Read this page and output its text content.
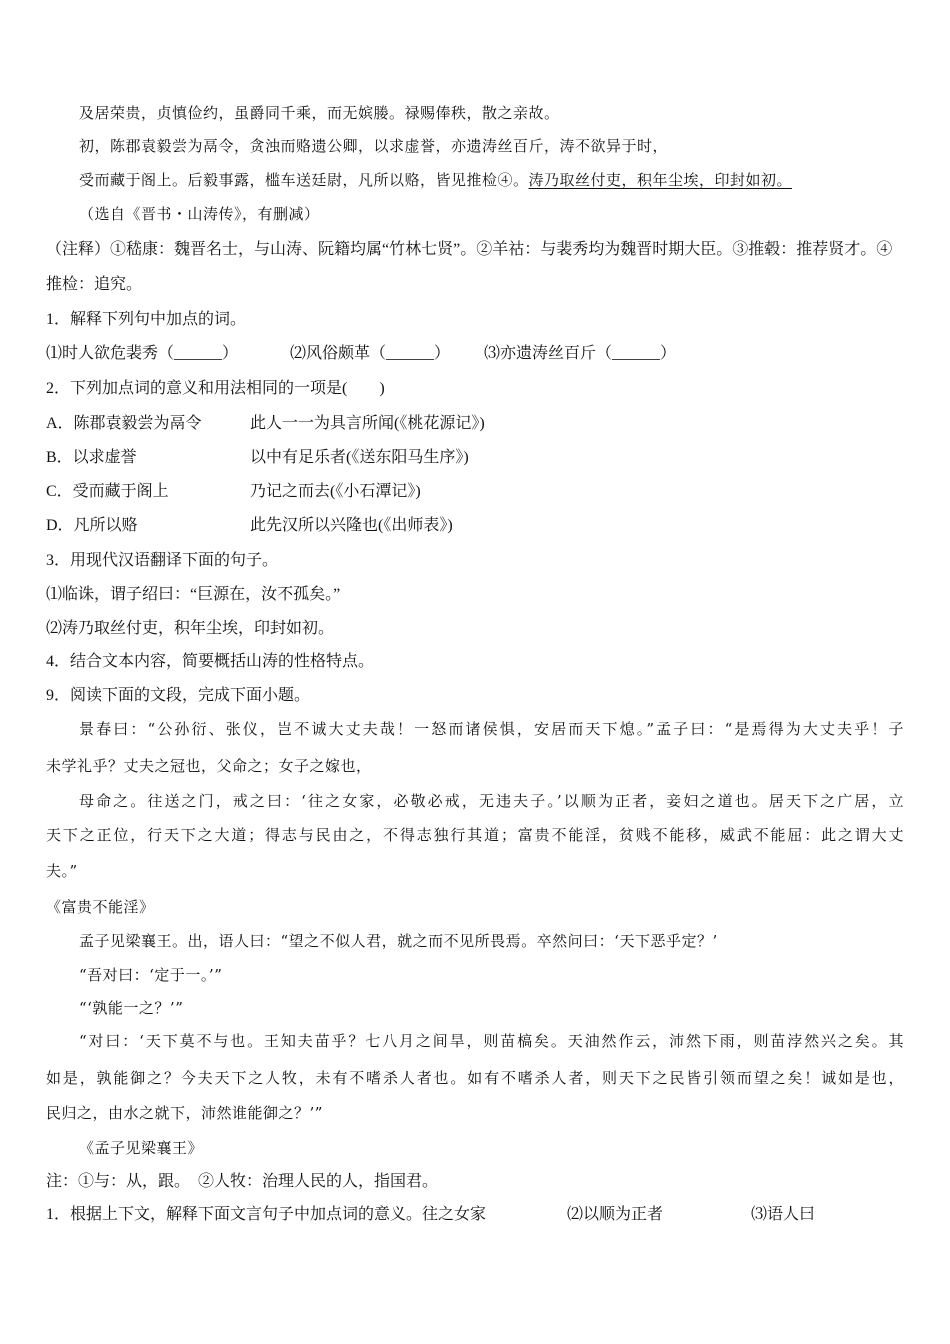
及居荣贵，贞慎俭约，虽爵同千乘，而无嫔媵。禄赐俸秩，散之亲故。
初，陈郡袁毅尝为鬲令，贪浊而赂遗公卿，以求虚誉，亦遗涛丝百斤，涛不欲异于时，
受而藏于阁上。后毅事露，槛车送廷尉，凡所以赂，皆见推检④。涛乃取丝付吏，积年尘埃，印封如初。
（选自《晋书・山涛传》，有删减）
（注释）①嵇康：魏晋名士，与山涛、阮籍均属“竹林七贤”。②羊祜：与裴秀均为魏晋时期大臣。③推毂：推荐贤才。④
推检：追究。
1．解释下列句中加点的词。
⑴时人欲危裴秀（______）	⑵风俗颇革（______） ⑶亦遗涛丝百斤（______）
2．下列加点词的意义和用法相同的一项是(　　)
A．陈郡袁毅尝为鬲令	此人一一为具言所闻(《桃花源记》)
B．以求虚誉	以中有足乐者(《送东阳马生序》)
C．受而藏于阁上	乃记之而去(《小石潭记》)
D．凡所以赂	此先汉所以兴隆也(《出师表》)
3．用现代汉语翻译下面的句子。
⑴临诛，谓子绍曰：“巨源在，汝不孤矣。”
⑵涛乃取丝付吏，积年尘埃，印封如初。
4．结合文本内容，简要概括山涛的性格特点。
9．阅读下面的文段，完成下面小题。
景春曰：“公孙衍、张仪，岂不诚大丈夫哉！一怒而诸侯惧，安居而天下熄。”孟子曰：“是焉得为大丈夫乎！子
未学礼乎？丈夫之冠也，父命之；女子之嫁也，
母命之。往送之门，戒之曰：‘往之女家，必敬必戒，无违夫子。’以顺为正者，妾妇之道也。居天下之广居，立
天下之正位，行天下之大道；得志与民由之，不得志独行其道；富贵不能淫，贫贱不能移，威武不能屈：此之谓大丈
夫。”
《富贵不能淫》
孟子见梁襄王。出，语人曰：“望之不似人君，就之而不见所畏焉。卒然问曰：‘天下恶乎定？’
“吾对曰：‘定于一。’”
“‘孰能一之？’”
“对曰：‘天下莫不与也。王知夫苗乎？七八月之间旱，则苗槁矣。天油然作云，沛然下雨，则苗浡然兴之矣。其
如是，孰能御之？今夫天下之人牧，未有不嗜杀人者也。如有不嗜杀人者，则天下之民皆引领而望之矣！诚如是也，
民归之，由水之就下，沛然谁能御之？’”
《孟子见梁襄王》
注：①与：从，跟。　②人牧：治理人民的人，指国君。
1．根据上下文，解释下面文言句子中加点词的意义。往之女家	⑵以顺为正者	⑶语人曰
